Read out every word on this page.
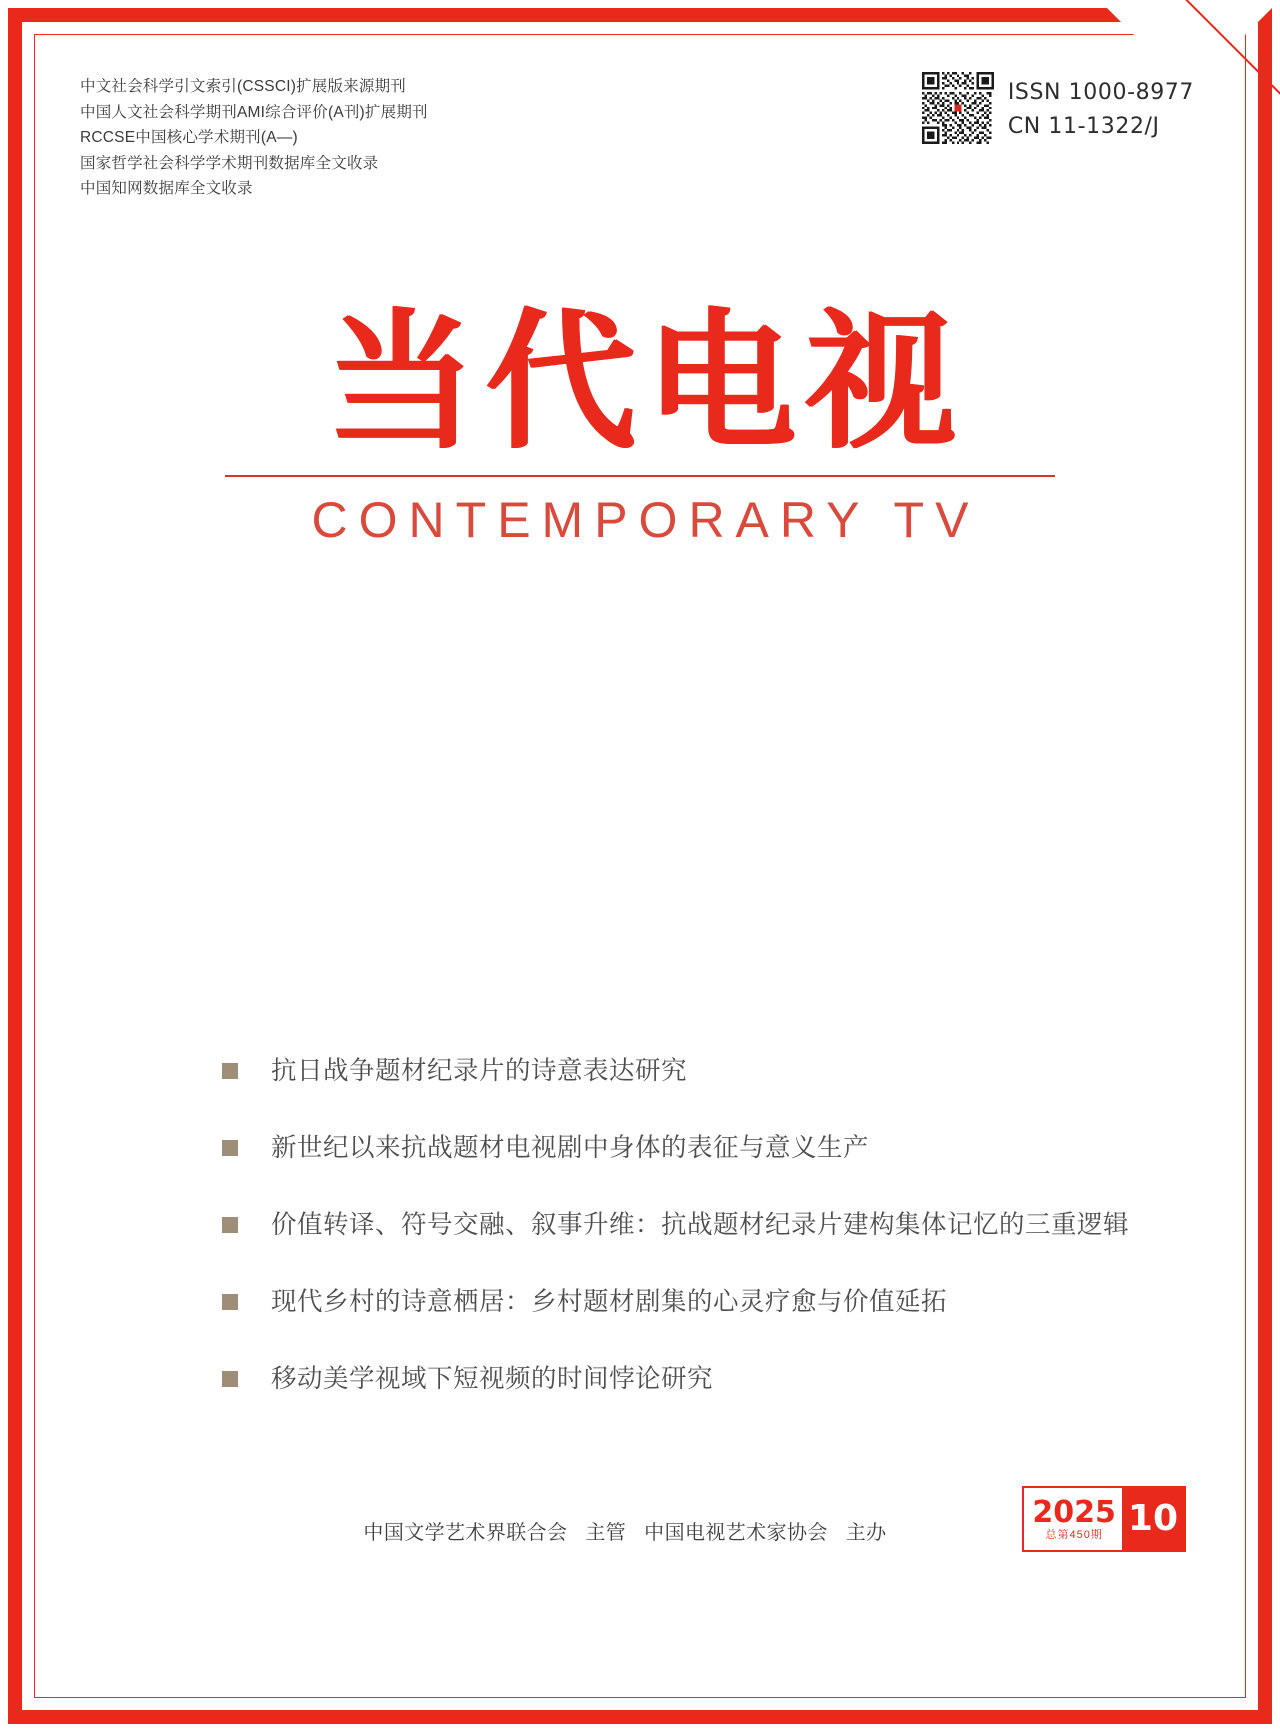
中文社会科学引文索引(CSSCI)扩展版来源期刊
中国人文社会科学期刊AMI综合评价(A刊)扩展期刊
RCCSE中国核心学术期刊(A—)
国家哲学社会科学学术期刊数据库全文收录
中国知网数据库全文收录
ISSN 1000-8977
CN 11-1322/J
当代电视
CONTEMPORARY TV
抗日战争题材纪录片的诗意表达研究
新世纪以来抗战题材电视剧中身体的表征与意义生产
价值转译、符号交融、叙事升维：抗战题材纪录片建构集体记忆的三重逻辑
现代乡村的诗意栖居：乡村题材剧集的心灵疗愈与价值延拓
移动美学视域下短视频的时间悖论研究
中国文学艺术界联合会 主管 中国电视艺术家协会 主办
2025
总第450期 10
